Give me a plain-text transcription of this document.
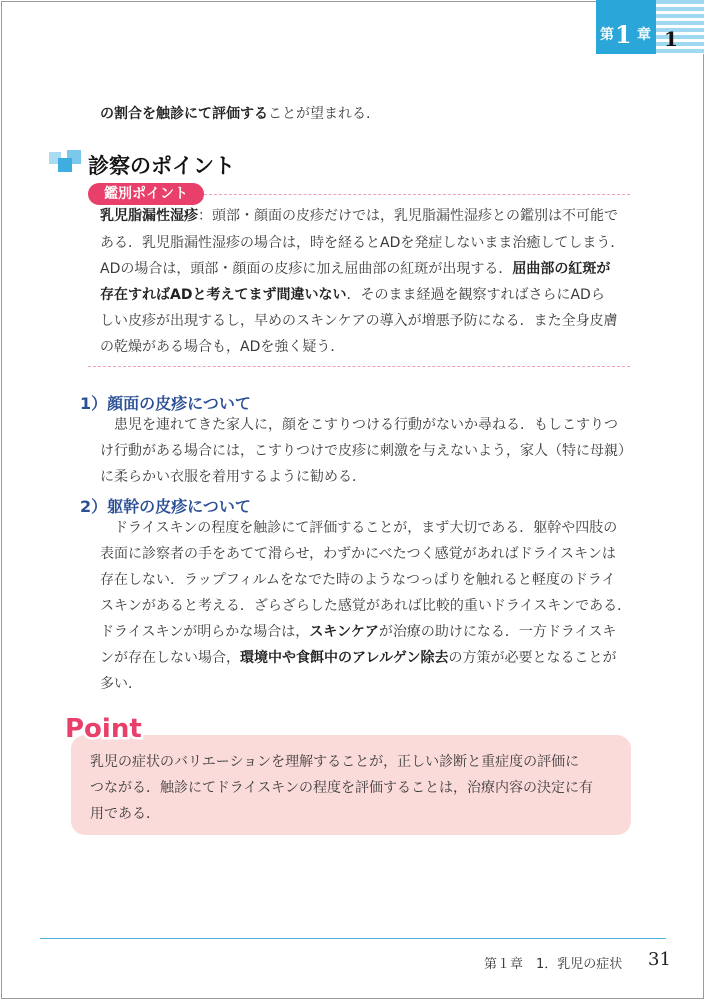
第 1 章 1
の割合を触診にて評価することが望まれる.
診察のポイント
鑑別ポイント
乳児脂漏性湿疹：頭部・顔面の皮疹だけでは，乳児脂漏性湿疹との鑑別は不可能で
ある．乳児脂漏性湿疹の場合は，時を経るとADを発症しないまま治癒してしまう．
ADの場合は，頭部・顔面の皮疹に加え屈曲部の紅斑が出現する．屈曲部の紅斑が
存在すればADと考えてまず間違いない．そのまま経過を観察すればさらにADら
しい皮疹が出現するし，早めのスキンケアの導入が増悪予防になる．また全身皮膚
の乾燥がある場合も，ADを強く疑う．
1）顔面の皮疹について
患児を連れてきた家人に，顔をこすりつける行動がないか尋ねる．もしこすりつ
け行動がある場合には，こすりつけで皮疹に刺激を与えないよう，家人（特に母親）
に柔らかい衣服を着用するように勧める．
2）躯幹の皮疹について
ドライスキンの程度を触診にて評価することが，まず大切である．躯幹や四肢の
表面に診察者の手をあてて滑らせ，わずかにべたつく感覚があればドライスキンは
存在しない．ラップフィルムをなでた時のようなつっぱりを触れると軽度のドライ
スキンがあると考える．ざらざらした感覚があれば比較的重いドライスキンである．
ドライスキンが明らかな場合は，スキンケアが治療の助けになる．一方ドライスキ
ンが存在しない場合，環境中や食餌中のアレルゲン除去の方策が必要となることが
多い．
Point
乳児の症状のバリエーションを理解することが，正しい診断と重症度の評価に
つながる．触診にてドライスキンの程度を評価することは，治療内容の決定に有
用である．
第１章　1．乳児の症状 31
